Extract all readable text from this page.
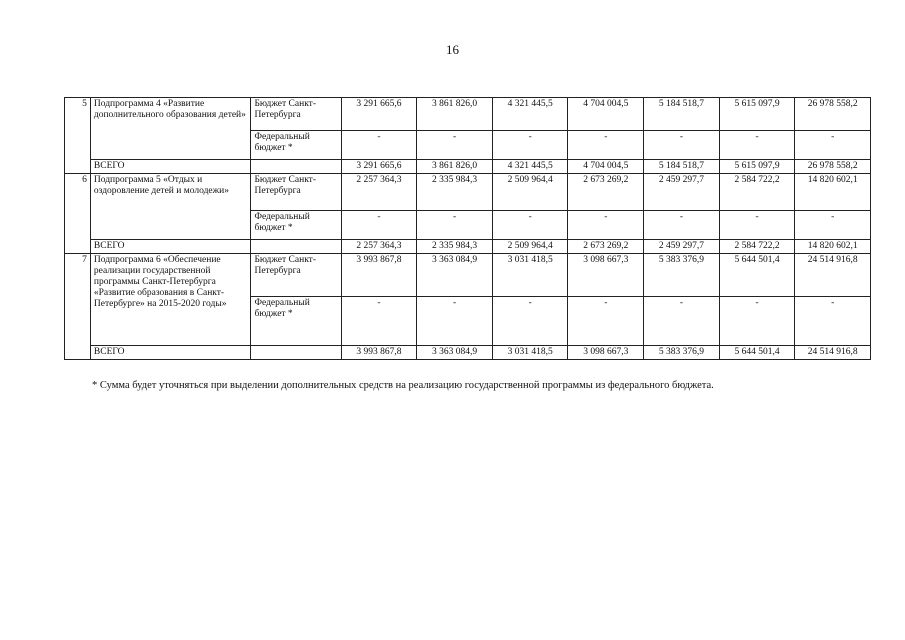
16
5	Подпрограмма 4 «Развитие дополнительного образования детей»	Бюджет Санкт-Петербурга	3 291 665,6	3 861 826,0	4 321 445,5	4 704 004,5	5 184 518,7	5 615 097,9	26 978 558,2
		Федеральный бюджет *	-	-	-	-	-	-	-
	ВСЕГО		3 291 665,6	3 861 826,0	4 321 445,5	4 704 004,5	5 184 518,7	5 615 097,9	26 978 558,2
6	Подпрограмма 5 «Отдых и оздоровление детей и молодежи»	Бюджет Санкт-Петербурга	2 257 364,3	2 335 984,3	2 509 964,4	2 673 269,2	2 459 297,7	2 584 722,2	14 820 602,1
		Федеральный бюджет *	-	-	-	-	-	-	-
	ВСЕГО		2 257 364,3	2 335 984,3	2 509 964,4	2 673 269,2	2 459 297,7	2 584 722,2	14 820 602,1
7	Подпрограмма 6 «Обеспечение реализации государственной программы Санкт-Петербурга «Развитие образования в Санкт-Петербурге» на 2015-2020 годы»	Бюджет Санкт-Петербурга	3 993 867,8	3 363 084,9	3 031 418,5	3 098 667,3	5 383 376,9	5 644 501,4	24 514 916,8
		Федеральный бюджет *	-	-	-	-	-	-	-
	ВСЕГО		3 993 867,8	3 363 084,9	3 031 418,5	3 098 667,3	5 383 376,9	5 644 501,4	24 514 916,8
* Сумма будет уточняться при выделении дополнительных средств на реализацию государственной программы из федерального бюджета.
